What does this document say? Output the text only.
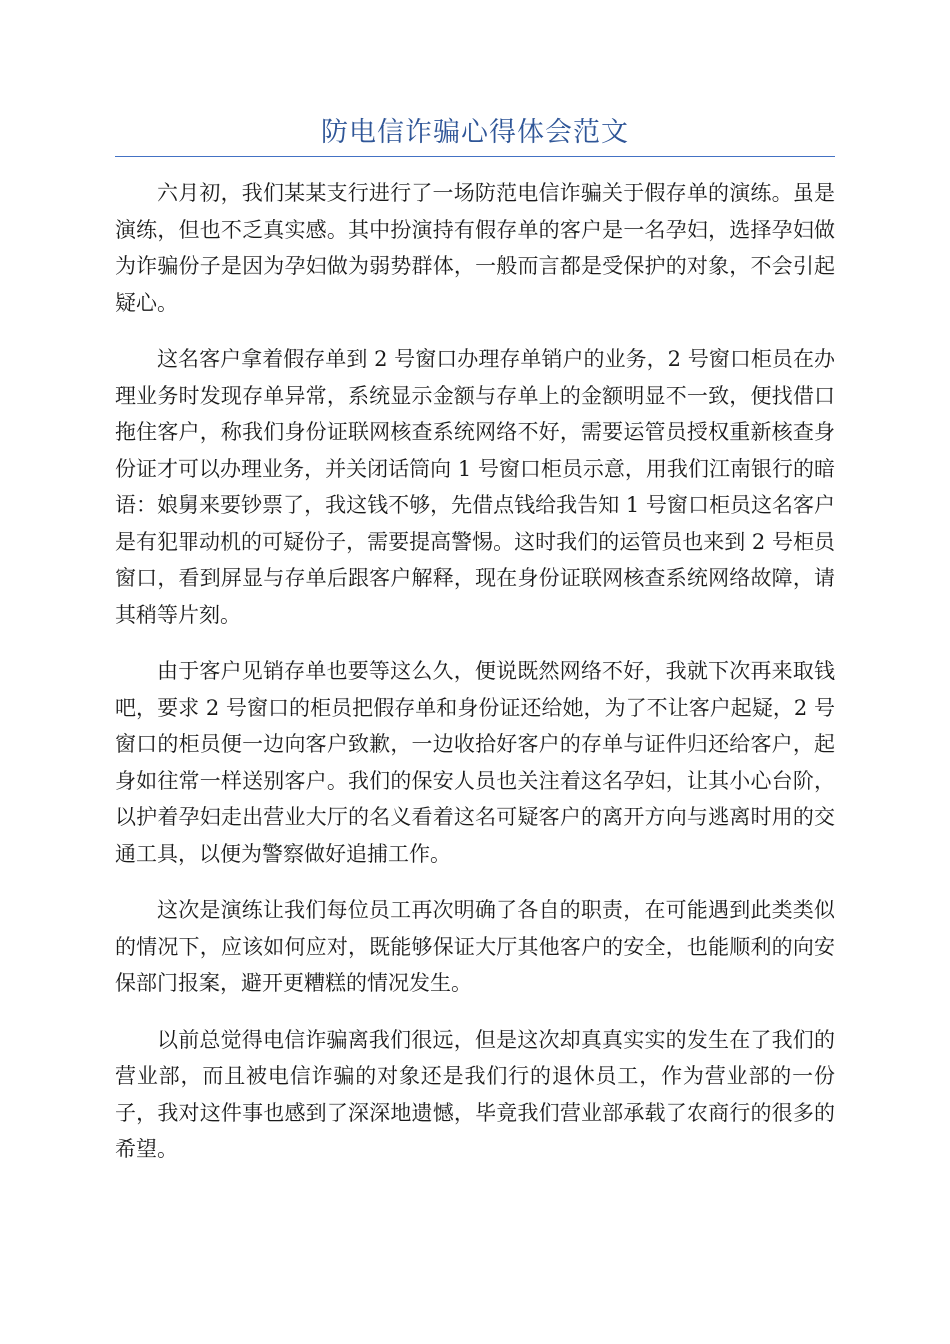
防电信诈骗心得体会范文

六月初，我们某某支行进行了一场防范电信诈骗关于假存单的演练。虽是演练，但也不乏真实感。其中扮演持有假存单的客户是一名孕妇，选择孕妇做为诈骗份子是因为孕妇做为弱势群体，一般而言都是受保护的对象，不会引起疑心。

这名客户拿着假存单到 2 号窗口办理存单销户的业务，2 号窗口柜员在办理业务时发现存单异常，系统显示金额与存单上的金额明显不一致，便找借口拖住客户，称我们身份证联网核查系统网络不好，需要运管员授权重新核查身份证才可以办理业务，并关闭话筒向 1 号窗口柜员示意，用我们江南银行的暗语：娘舅来要钞票了，我这钱不够，先借点钱给我告知 1 号窗口柜员这名客户是有犯罪动机的可疑份子，需要提高警惕。这时我们的运管员也来到 2 号柜员窗口，看到屏显与存单后跟客户解释，现在身份证联网核查系统网络故障，请其稍等片刻。

由于客户见销存单也要等这么久，便说既然网络不好，我就下次再来取钱吧，要求 2 号窗口的柜员把假存单和身份证还给她，为了不让客户起疑，2 号窗口的柜员便一边向客户致歉，一边收拾好客户的存单与证件归还给客户，起身如往常一样送别客户。我们的保安人员也关注着这名孕妇，让其小心台阶，以护着孕妇走出营业大厅的名义看着这名可疑客户的离开方向与逃离时用的交通工具，以便为警察做好追捕工作。

这次是演练让我们每位员工再次明确了各自的职责，在可能遇到此类类似的情况下，应该如何应对，既能够保证大厅其他客户的安全，也能顺利的向安保部门报案，避开更糟糕的情况发生。

以前总觉得电信诈骗离我们很远，但是这次却真真实实的发生在了我们的营业部，而且被电信诈骗的对象还是我们行的退休员工，作为营业部的一份子，我对这件事也感到了深深地遗憾，毕竟我们营业部承载了农商行的很多的希望。
